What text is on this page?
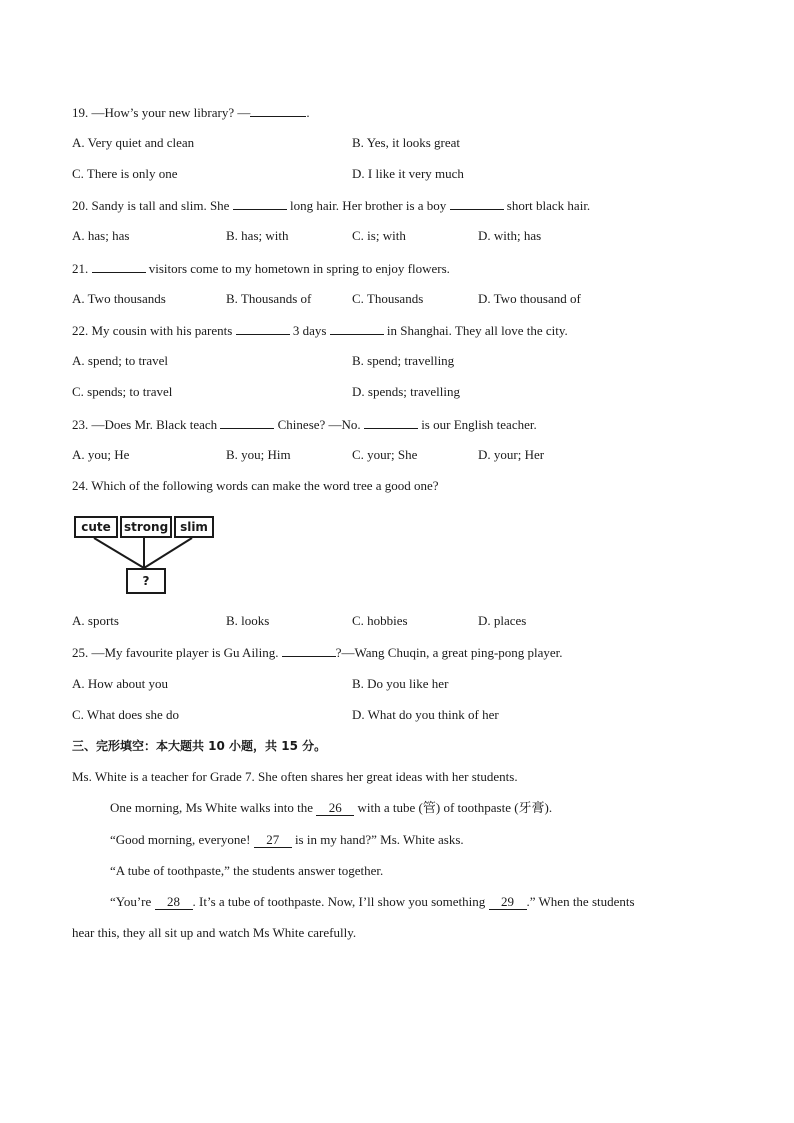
19. —How’s your new library? —	.
A. Very quiet and clean	B. Yes, it looks great
C. There is only one	D. I like it very much
20. Sandy is tall and slim. She	long hair. Her brother is a boy	short black hair.
A. has; has	B. has; with	C. is; with	D. with; has
21.	visitors come to my hometown in spring to enjoy flowers.
A. Two thousands	B. Thousands of	C. Thousands	D. Two thousand of
22. My cousin with his parents	3 days	in Shanghai. They all love the city.
A. spend; to travel	B. spend; travelling
C. spends; to travel	D. spends; travelling
23. —Does Mr. Black teach	Chinese? —No.	is our English teacher.
A. you; He	B. you; Him	C. your; She	D. your; Her
24. Which of the following words can make the word tree a good one?
cute	strong slim
?
A. sports	B. looks	C. hobbies	D. places
25. —My favourite player is Gu Ailing.	?—Wang Chuqin, a great ping-pong player.
A. How about you	B. Do you like her
C. What does she do	D. What do you think of her
三、完形填空：本大题共 10 小题，共 15 分。
Ms. White is a teacher for Grade 7. She often shares her great ideas with her students.
One morning, Ms White walks into the 26 with a tube (管) of toothpaste (牙膏).
“Good morning, everyone! 27 is in my hand?” Ms. White asks.
“A tube of toothpaste,” the students answer together.
“You’re 28 . It’s a tube of toothpaste. Now, I’ll show you something 29 .” When the students
hear this, they all sit up and watch Ms White carefully.
